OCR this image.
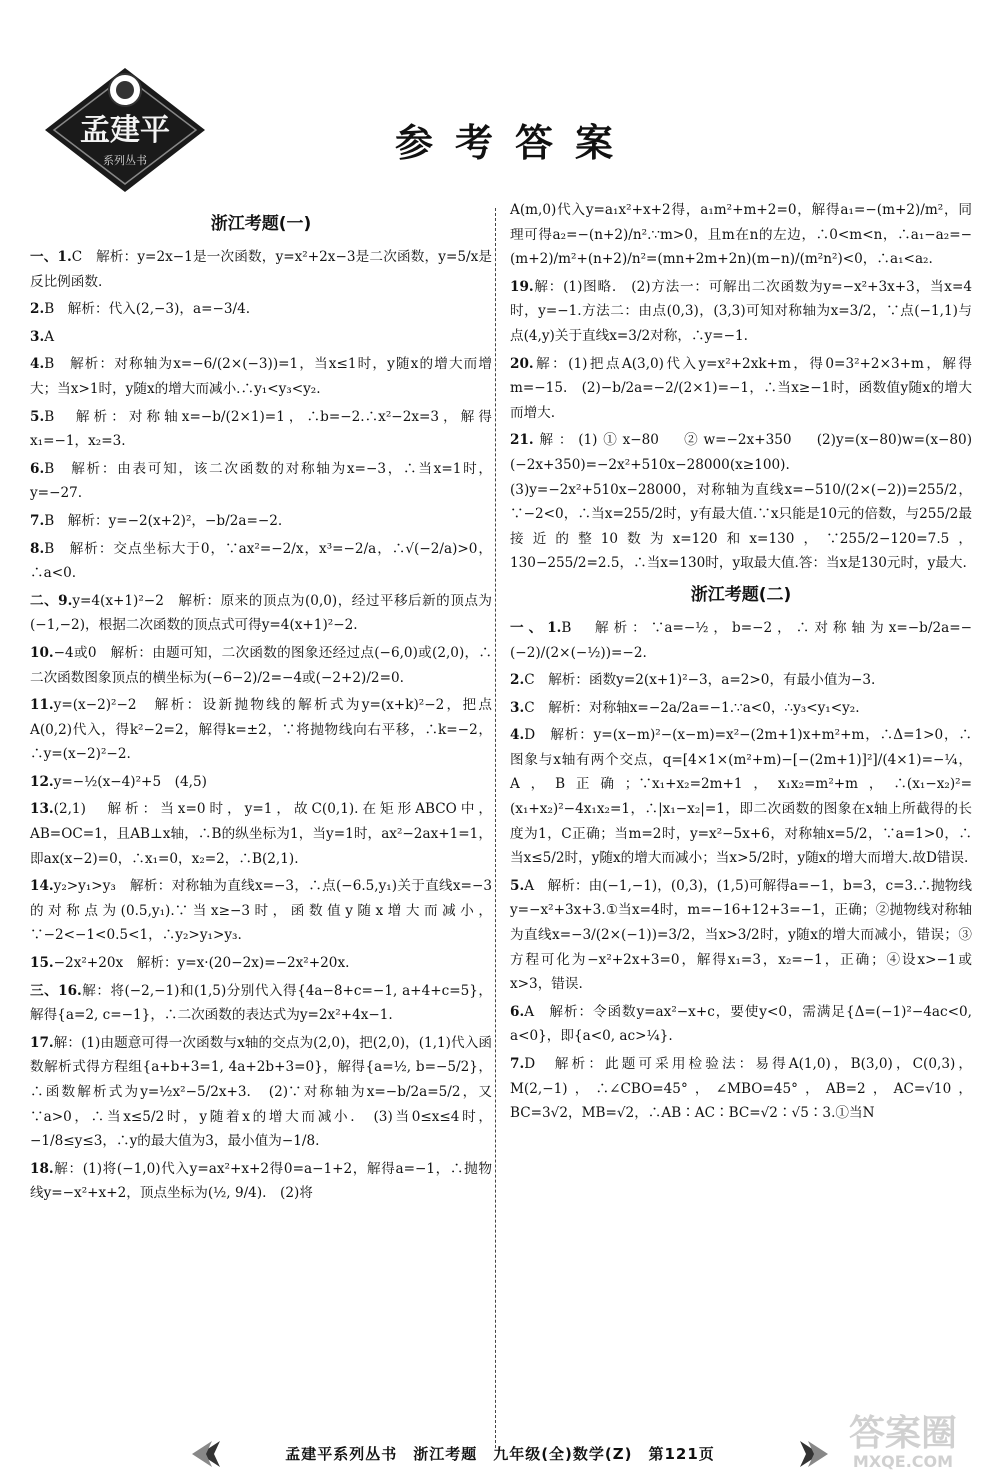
孟建平
系列丛书	参考答案
浙江考题(一)
一、1.C　解析：y=2x−1是一次函数，y=x²+2x−3是二次函数，y=5/x是反比例函数.
2.B　解析：代入(2,−3)，a=−3/4.
3.A
4.B　解析：对称轴为x=−6/(2×(−3))=1，当x≤1时，y随x的增大而增大；当x>1时，y随x的增大而减小.∴y₁<y₃<y₂.
5.B　解析：对称轴x=−b/(2×1)=1，∴b=−2.∴x²−2x=3，解得x₁=−1，x₂=3.
6.B　解析：由表可知，该二次函数的对称轴为x=−3，∴当x=1时，y=−27.
7.B　解析：y=−2(x+2)²，−b/2a=−2.
8.B　解析：交点坐标大于0，∵ax²=−2/x，x³=−2/a，∴√(−2/a)>0，∴a<0.
二、9.y=4(x+1)²−2　解析：原来的顶点为(0,0)，经过平移后新的顶点为(−1,−2)，根据二次函数的顶点式可得y=4(x+1)²−2.
10.−4或0　解析：由题可知，二次函数的图象还经过点(−6,0)或(2,0)，∴二次函数图象顶点的横坐标为(−6−2)/2=−4或(−2+2)/2=0.
11.y=(x−2)²−2　解析：设新抛物线的解析式为y=(x+k)²−2，把点A(0,2)代入，得k²−2=2，解得k=±2，∵将抛物线向右平移，∴k=−2，∴y=(x−2)²−2.
12.y=−½(x−4)²+5　(4,5)
13.(2,1)　解析：当x=0时，y=1，故C(0,1).在矩形ABCO中，AB=OC=1，且AB⊥x轴，∴B的纵坐标为1，当y=1时，ax²−2ax+1=1，即ax(x−2)=0，∴x₁=0，x₂=2，∴B(2,1).
14.y₂>y₁>y₃　解析：对称轴为直线x=−3，∴点(−6.5,y₁)关于直线x=−3的对称点为(0.5,y₁).∵当x≥−3时，函数值y随x增大而减小，∵−2<−1<0.5<1，∴y₂>y₁>y₃.
15.−2x²+20x　解析：y=x·(20−2x)=−2x²+20x.
三、16.解：将(−2,−1)和(1,5)分别代入得{4a−8+c=−1, a+4+c=5}，解得{a=2, c=−1}，∴二次函数的表达式为y=2x²+4x−1.
17.解：(1)由题意可得一次函数与x轴的交点为(2,0)，把(2,0)，(1,1)代入函数解析式得方程组{a+b+3=1, 4a+2b+3=0}，解得{a=½, b=−5/2}，∴函数解析式为y=½x²−5/2x+3.　(2)∵对称轴为x=−b/2a=5/2，又∵a>0，∴当x≤5/2时，y随着x的增大而减小.　(3)当0≤x≤4时，−1/8≤y≤3，∴y的最大值为3，最小值为−1/8.
18.解：(1)将(−1,0)代入y=ax²+x+2得0=a−1+2，解得a=−1，∴抛物线y=−x²+x+2，顶点坐标为(½, 9/4).　(2)将
A(m,0)代入y=a₁x²+x+2得，a₁m²+m+2=0，解得a₁=−(m+2)/m²，同理可得a₂=−(n+2)/n².∵m>0，且m在n的左边，∴0<m<n，∴a₁−a₂=−(m+2)/m²+(n+2)/n²=(mn+2m+2n)(m−n)/(m²n²)<0，∴a₁<a₂.
19.解：(1)图略.　(2)方法一：可解出二次函数为y=−x²+3x+3，当x=4时，y=−1.方法二：由点(0,3)，(3,3)可知对称轴为x=3/2，∵点(−1,1)与点(4,y)关于直线x=3/2对称，∴y=−1.
20.解：(1)把点A(3,0)代入y=x²+2xk+m，得0=3²+2×3+m，解得m=−15.　(2)−b/2a=−2/(2×1)=−1，∴当x≥−1时，函数值y随x的增大而增大.
21.解：(1)①x−80　②w=−2x+350　(2)y=(x−80)w=(x−80)(−2x+350)=−2x²+510x−28000(x≥100).　(3)y=−2x²+510x−28000，对称轴为直线x=−510/(2×(−2))=255/2，∵−2<0，∴当x=255/2时，y有最大值.∵x只能是10元的倍数，与255/2最接近的整10数为x=120和x=130，∵255/2−120=7.5，130−255/2=2.5，∴当x=130时，y取最大值.答：当x是130元时，y最大.
浙江考题(二)
一、1.B　解析：∵a=−½，b=−2，∴对称轴为x=−b/2a=−(−2)/(2×(−½))=−2.
2.C　解析：函数y=2(x+1)²−3，a=2>0，有最小值为−3.
3.C　解析：对称轴x=−2a/2a=−1.∵a<0，∴y₃<y₁<y₂.
4.D　解析：y=(x−m)²−(x−m)=x²−(2m+1)x+m²+m，∴Δ=1>0，∴图象与x轴有两个交点，q=[4×1×(m²+m)−[−(2m+1)]²]/(4×1)=−¼，A，B正确；∵x₁+x₂=2m+1，x₁x₂=m²+m，∴(x₁−x₂)²=(x₁+x₂)²−4x₁x₂=1，∴|x₁−x₂|=1，即二次函数的图象在x轴上所截得的长度为1，C正确；当m=2时，y=x²−5x+6，对称轴x=5/2，∵a=1>0，∴当x≤5/2时，y随x的增大而减小；当x>5/2时，y随x的增大而增大.故D错误.
5.A　解析：由(−1,−1)，(0,3)，(1,5)可解得a=−1，b=3，c=3.∴抛物线y=−x²+3x+3.①当x=4时，m=−16+12+3=−1，正确；②抛物线对称轴为直线x=−3/(2×(−1))=3/2，当x>3/2时，y随x的增大而减小，错误；③方程可化为−x²+2x+3=0，解得x₁=3，x₂=−1，正确；④设x>−1或x>3，错误.
6.A　解析：令函数y=ax²−x+c，要使y<0，需满足{Δ=(−1)²−4ac<0, a<0}，即{a<0, ac>¼}.
7.D　解析：此题可采用检验法：易得A(1,0)，B(3,0)，C(0,3)，M(2,−1)，∴∠CBO=45°，∠MBO=45°，AB=2，AC=√10，BC=3√2，MB=√2，∴AB∶AC∶BC=√2∶√5∶3.①当N
孟建平系列丛书　浙江考题　九年级(全)数学(Z)　第121页	答案圈
MXQE.COM
